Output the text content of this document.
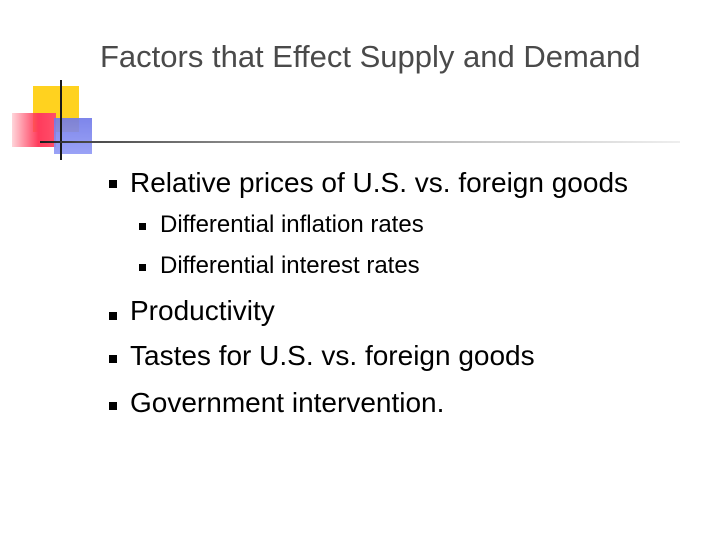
Factors that Effect Supply and Demand
Relative prices of U.S. vs. foreign goods
Differential inflation rates
Differential interest rates
Productivity
Tastes for U.S. vs. foreign goods
Government intervention.
